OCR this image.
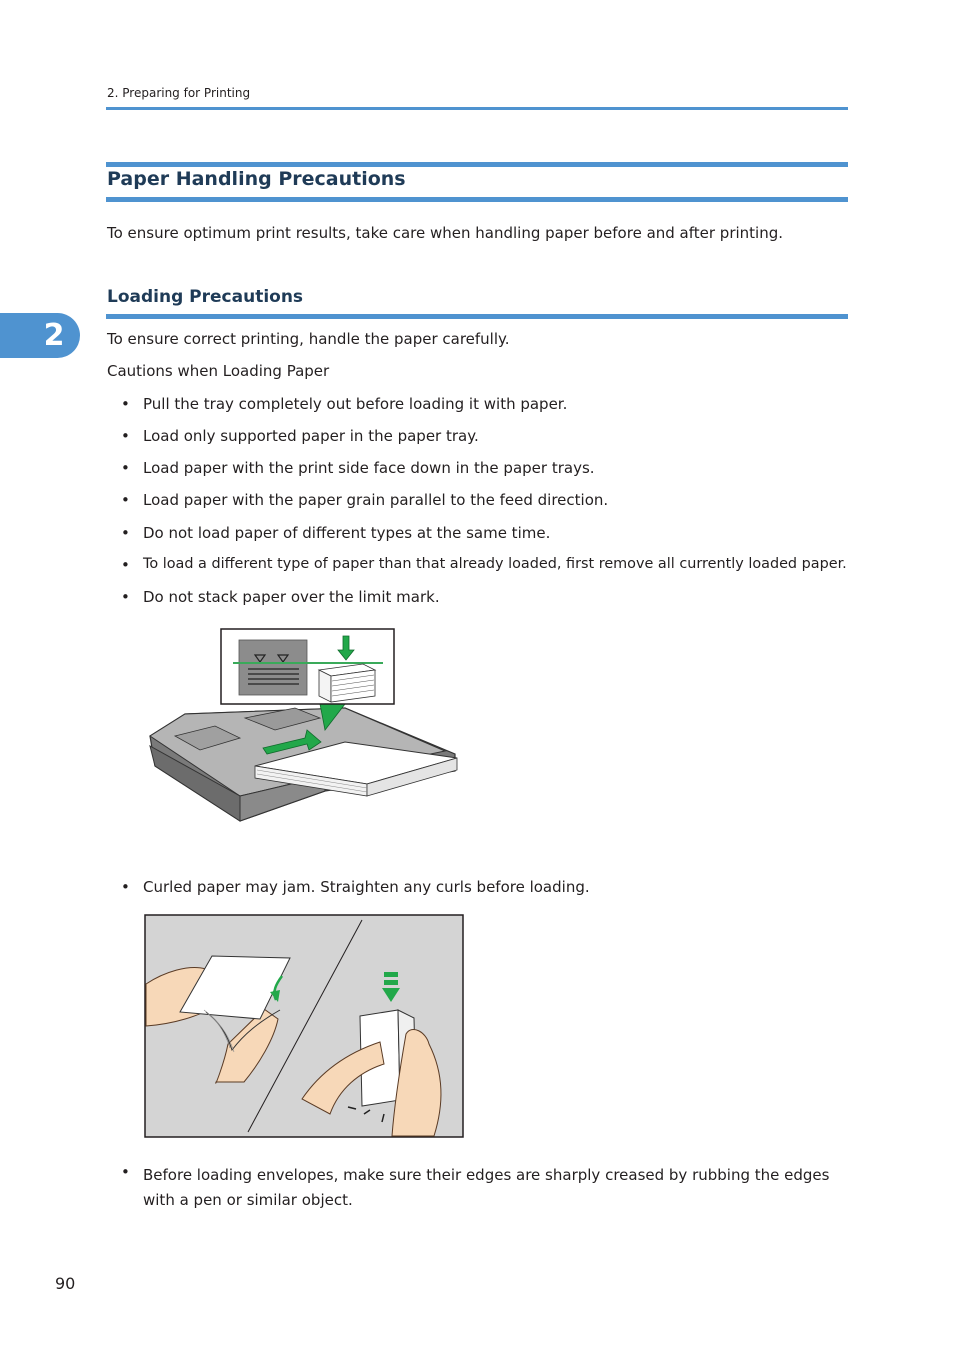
2. Preparing for Printing
Paper Handling Precautions
To ensure optimum print results, take care when handling paper before and after printing.
Loading Precautions
2	To ensure correct printing, handle the paper carefully.
Cautions when Loading Paper
• Pull the tray completely out before loading it with paper.
• Load only supported paper in the paper tray.
• Load paper with the print side face down in the paper trays.
• Load paper with the paper grain parallel to the feed direction.
• Do not load paper of different types at the same time.
• To load a different type of paper than that already loaded, first remove all currently loaded paper.
• Do not stack paper over the limit mark.
• Curled paper may jam. Straighten any curls before loading.
• Before loading envelopes, make sure their edges are sharply creased by rubbing the edges with a pen or similar object.
90
